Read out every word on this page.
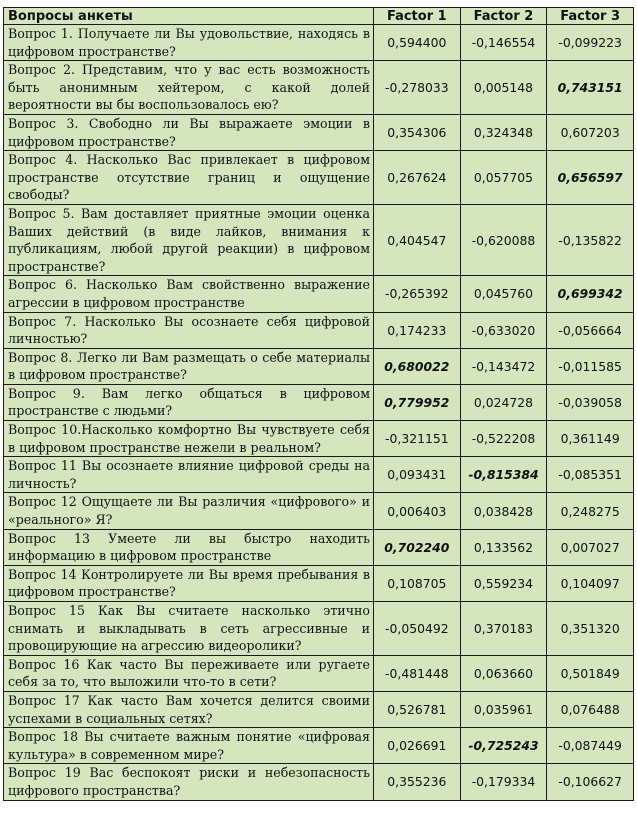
Вопросы анкеты	Factor 1	Factor 2	Factor 3
Вопрос 1. Получаете ли Вы удовольствие, находясь в цифровом пространстве?	0,594400	-0,146554	-0,099223
Вопрос 2. Представим, что у вас есть возможность быть анонимным хейтером, с какой долей вероятности вы бы воспользовалось ею?	-0,278033	0,005148	0,743151
Вопрос 3. Свободно ли Вы выражаете эмоции в цифровом пространстве?	0,354306	0,324348	0,607203
Вопрос 4. Насколько Вас привлекает в цифровом пространстве отсутствие границ и ощущение свободы?	0,267624	0,057705	0,656597
Вопрос 5. Вам доставляет приятные эмоции оценка Ваших действий (в виде лайков, внимания к публикациям, любой другой реакции) в цифровом пространстве?	0,404547	-0,620088	-0,135822
Вопрос 6. Насколько Вам свойственно выражение агрессии в цифровом пространстве	-0,265392	0,045760	0,699342
Вопрос 7. Насколько Вы осознаете себя цифровой личностью?	0,174233	-0,633020	-0,056664
Вопрос 8. Легко ли Вам размещать о себе материалы в цифровом пространстве?	0,680022	-0,143472	-0,011585
Вопрос 9. Вам легко общаться в цифровом пространстве с людьми?	0,779952	0,024728	-0,039058
Вопрос 10.Насколько комфортно Вы чувствуете себя в цифровом пространстве нежели в реальном?	-0,321151	-0,522208	0,361149
Вопрос 11 Вы осознаете влияние цифровой среды на личность?	0,093431	-0,815384	-0,085351
Вопрос 12 Ощущаете ли Вы различия «цифрового» и «реального» Я?	0,006403	0,038428	0,248275
Вопрос 13 Умеете ли вы быстро находить информацию в цифровом пространстве	0,702240	0,133562	0,007027
Вопрос 14 Контролируете ли Вы время пребывания в цифровом пространстве?	0,108705	0,559234	0,104097
Вопрос 15 Как Вы считаете насколько этично снимать и выкладывать в сеть агрессивные и провоцирующие на агрессию видеоролики?	-0,050492	0,370183	0,351320
Вопрос 16 Как часто Вы переживаете или ругаете себя за то, что выложили что-то в сети?	-0,481448	0,063660	0,501849
Вопрос 17 Как часто Вам хочется делится своими успехами в социальных сетях?	0,526781	0,035961	0,076488
Вопрос 18 Вы считаете важным понятие «цифровая культура» в современном мире?	0,026691	-0,725243	-0,087449
Вопрос 19 Вас беспокоят риски и небезопасность цифрового пространства?	0,355236	-0,179334	-0,106627
